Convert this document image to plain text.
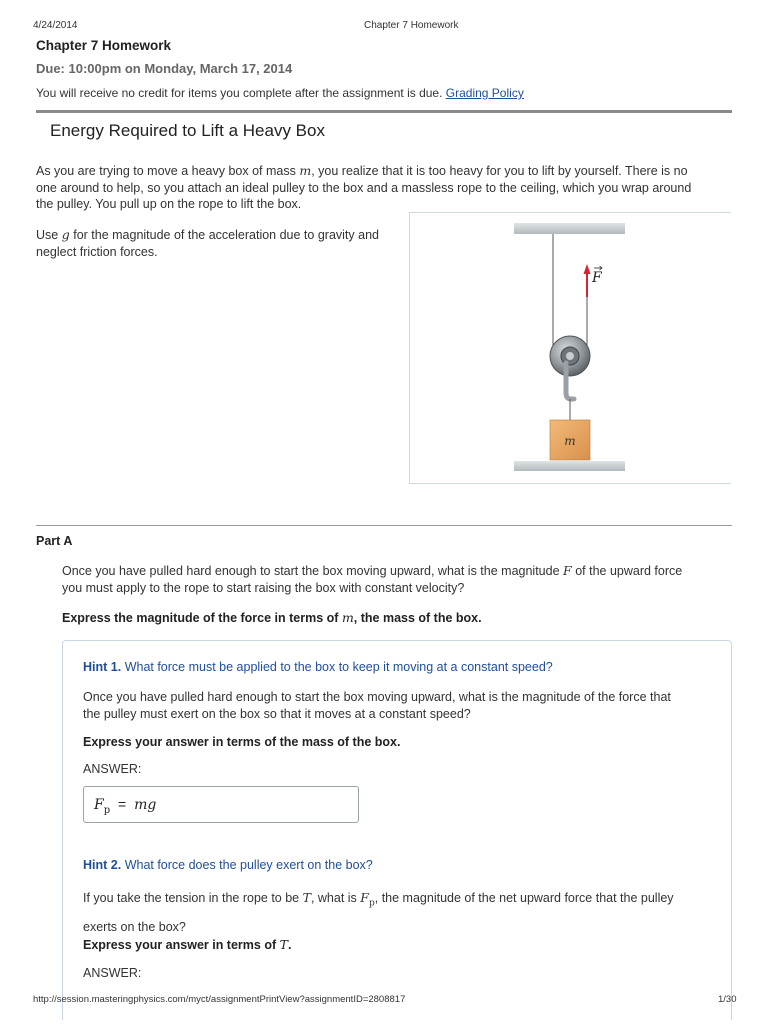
4/24/2014	Chapter 7 Homework
Chapter 7 Homework
Due: 10:00pm on Monday, March 17, 2014
You will receive no credit for items you complete after the assignment is due. Grading Policy
Energy Required to Lift a Heavy Box
As you are trying to move a heavy box of mass m, you realize that it is too heavy for you to lift by yourself. There is no
one around to help, so you attach an ideal pulley to the box and a massless rope to the ceiling, which you wrap around
the pulley. You pull up on the rope to lift the box.
Use g for the magnitude of the acceleration due to gravity and
neglect friction forces.
F
m
Part A
Once you have pulled hard enough to start the box moving upward, what is the magnitude F of the upward force
you must apply to the rope to start raising the box with constant velocity?
Express the magnitude of the force in terms of m, the mass of the box.
Hint 1. What force must be applied to the box to keep it moving at a constant speed?
Once you have pulled hard enough to start the box moving upward, what is the magnitude of the force that
the pulley must exert on the box so that it moves at a constant speed?
Express your answer in terms of the mass of the box.
ANSWER:
$F_p$ = mg
Hint 2. What force does the pulley exert on the box?
If you take the tension in the rope to be T, what is $F_p$, the magnitude of the net upward force that the pulley
exerts on the box?
Express your answer in terms of T.
ANSWER:
http://session.masteringphysics.com/myct/assignmentPrintView?assignmentID=2808817	1/30
